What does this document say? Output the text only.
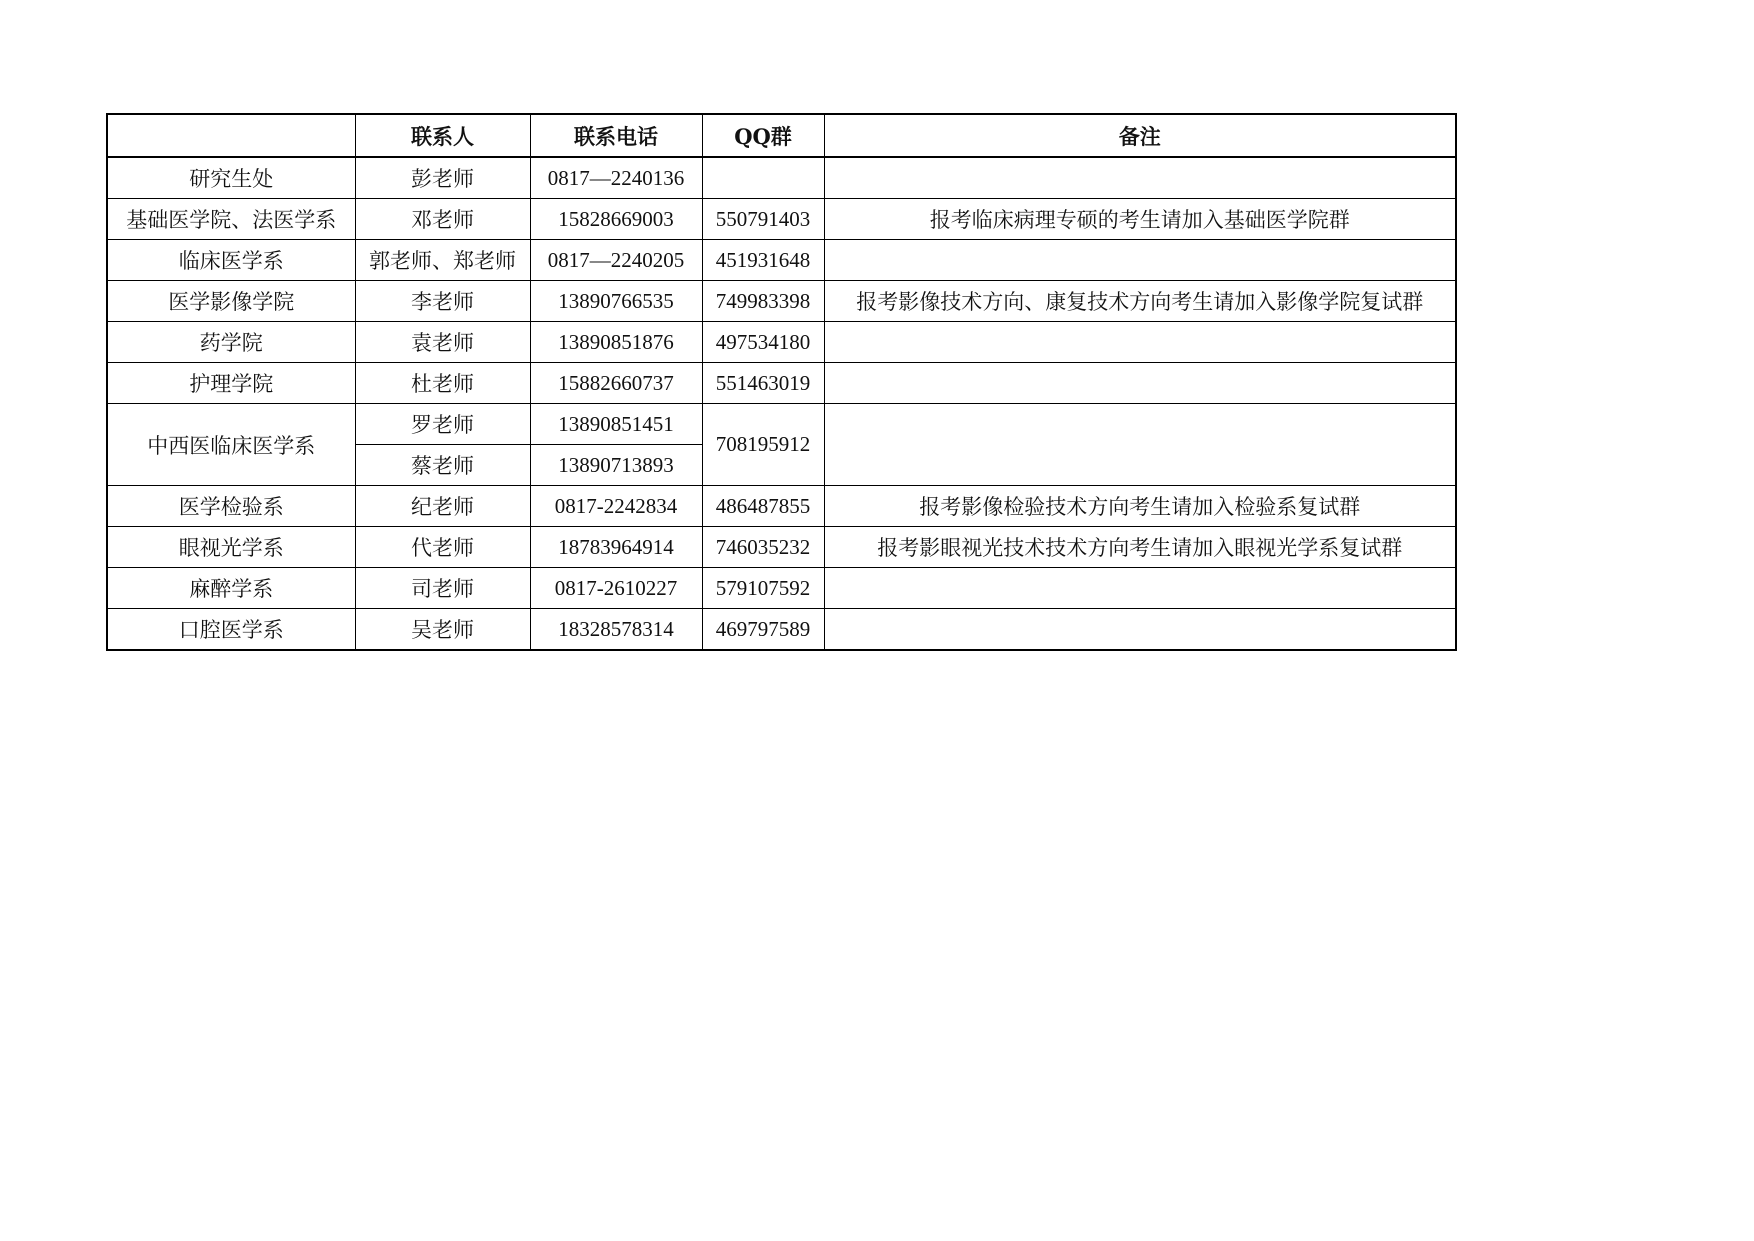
	联系人	联系电话	QQ群	备注
研究生处	彭老师	0817—2240136		
基础医学院、法医学系	邓老师	15828669003	550791403	报考临床病理专硕的考生请加入基础医学院群
临床医学系	郭老师、郑老师	0817—2240205	451931648	
医学影像学院	李老师	13890766535	749983398	报考影像技术方向、康复技术方向考生请加入影像学院复试群
药学院	袁老师	13890851876	497534180	
护理学院	杜老师	15882660737	551463019	
中西医临床医学系	罗老师	13890851451	708195912	
	蔡老师	13890713893		
医学检验系	纪老师	0817-2242834	486487855	报考影像检验技术方向考生请加入检验系复试群
眼视光学系	代老师	18783964914	746035232	报考影眼视光技术技术方向考生请加入眼视光学系复试群
麻醉学系	司老师	0817-2610227	579107592	
口腔医学系	吴老师	18328578314	469797589	
